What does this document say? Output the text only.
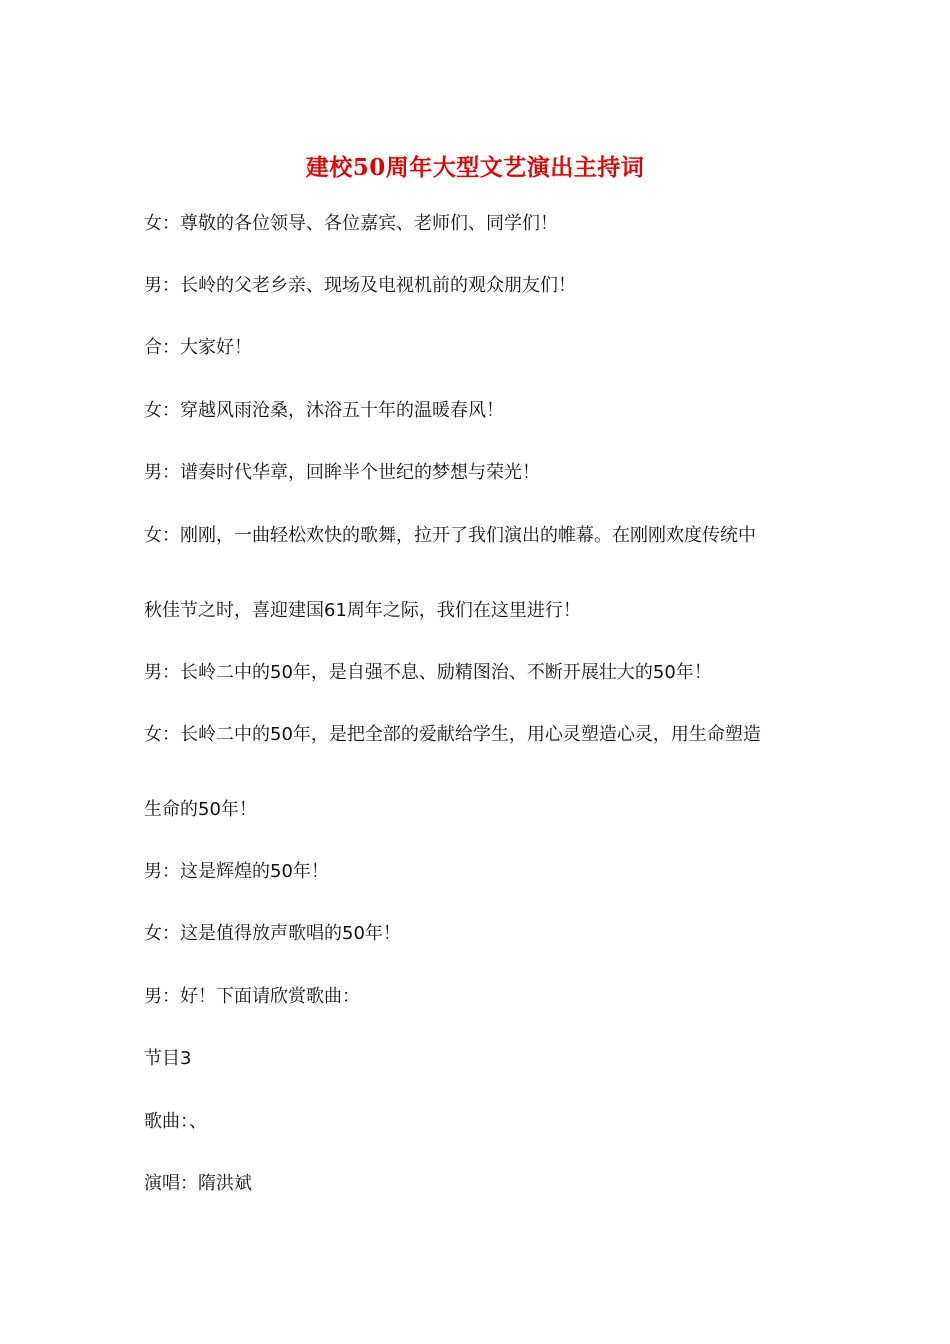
建校50周年大型文艺演出主持词
女：尊敬的各位领导、各位嘉宾、老师们、同学们！
男：长岭的父老乡亲、现场及电视机前的观众朋友们！
合：大家好！
女：穿越风雨沧桑，沐浴五十年的温暖春风！
男：谱奏时代华章，回眸半个世纪的梦想与荣光！
女：刚刚，一曲轻松欢快的歌舞，拉开了我们演出的帷幕。在刚刚欢度传统中
秋佳节之时，喜迎建国61周年之际，我们在这里进行！
男：长岭二中的50年，是自强不息、励精图治、不断开展壮大的50年！
女：长岭二中的50年，是把全部的爱献给学生，用心灵塑造心灵，用生命塑造
生命的50年！
男：这是辉煌的50年！
女：这是值得放声歌唱的50年！
男：好！下面请欣赏歌曲：
节目3
歌曲：、
演唱：隋洪斌
